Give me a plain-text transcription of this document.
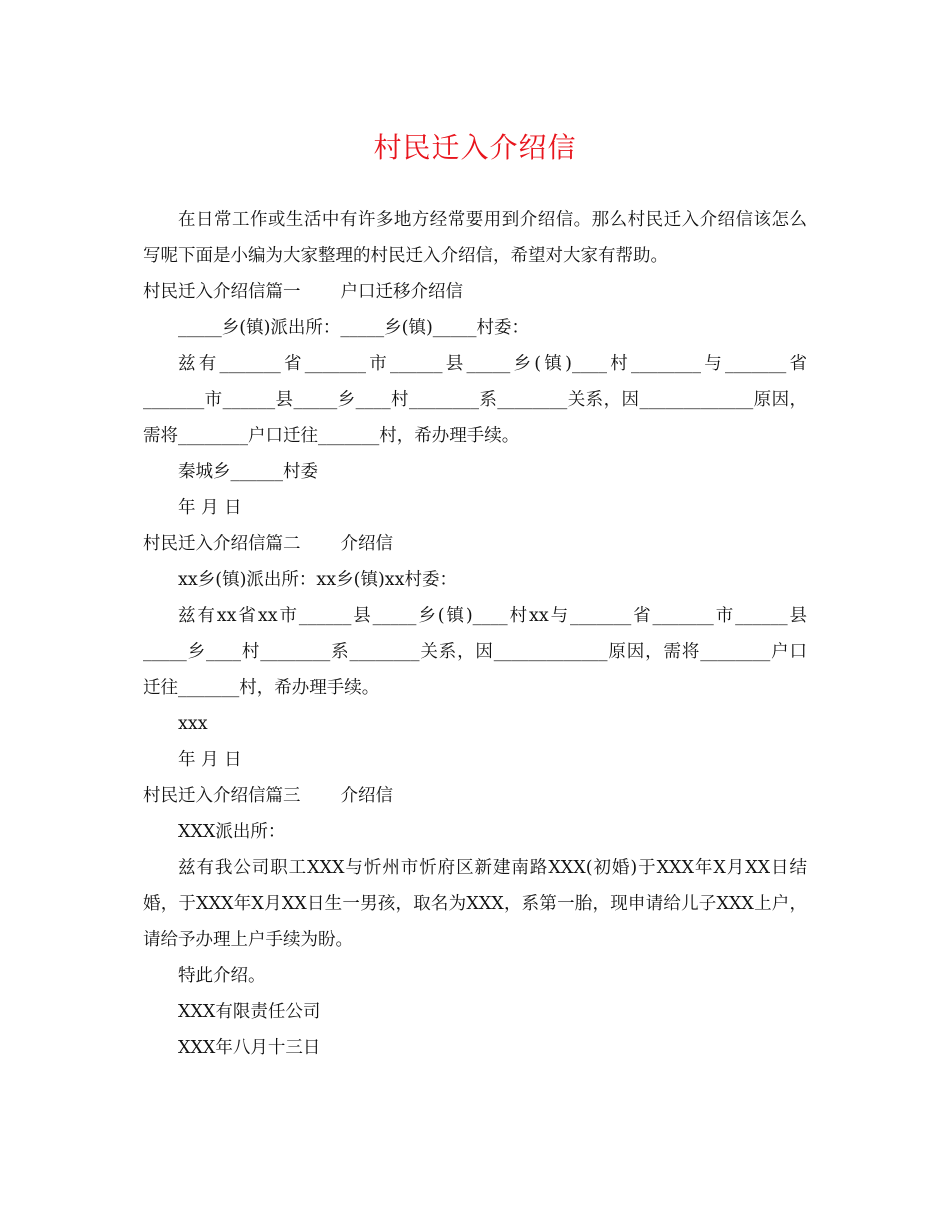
村民迁入介绍信

在日常工作或生活中有许多地方经常要用到介绍信。那么村民迁入介绍信该怎么写呢下面是小编为大家整理的村民迁入介绍信，希望对大家有帮助。

村民迁入介绍信篇一 户口迁移介绍信

_____乡(镇)派出所：_____乡(镇)_____村委：

兹有_______省_______市______县_____乡(镇)____村________与_______省_______市______县_____乡____村________系________关系，因_____________原因，需将________户口迁往_______村，希办理手续。

秦城乡______村委

年 月 日

村民迁入介绍信篇二 介绍信

xx乡(镇)派出所：xx乡(镇)xx村委：

兹有xx省xx市______县_____乡(镇)____村xx与_______省_______市______县_____乡____村________系________关系，因_____________原因，需将________户口迁往_______村，希办理手续。

xxx

年 月 日

村民迁入介绍信篇三 介绍信

XXX派出所：

兹有我公司职工XXX与忻州市忻府区新建南路XXX(初婚)于XXX年X月XX日结婚，于XXX年X月XX日生一男孩，取名为XXX，系第一胎，现申请给儿子XXX上户，请给予办理上户手续为盼。

特此介绍。

XXX有限责任公司

XXX年八月十三日
